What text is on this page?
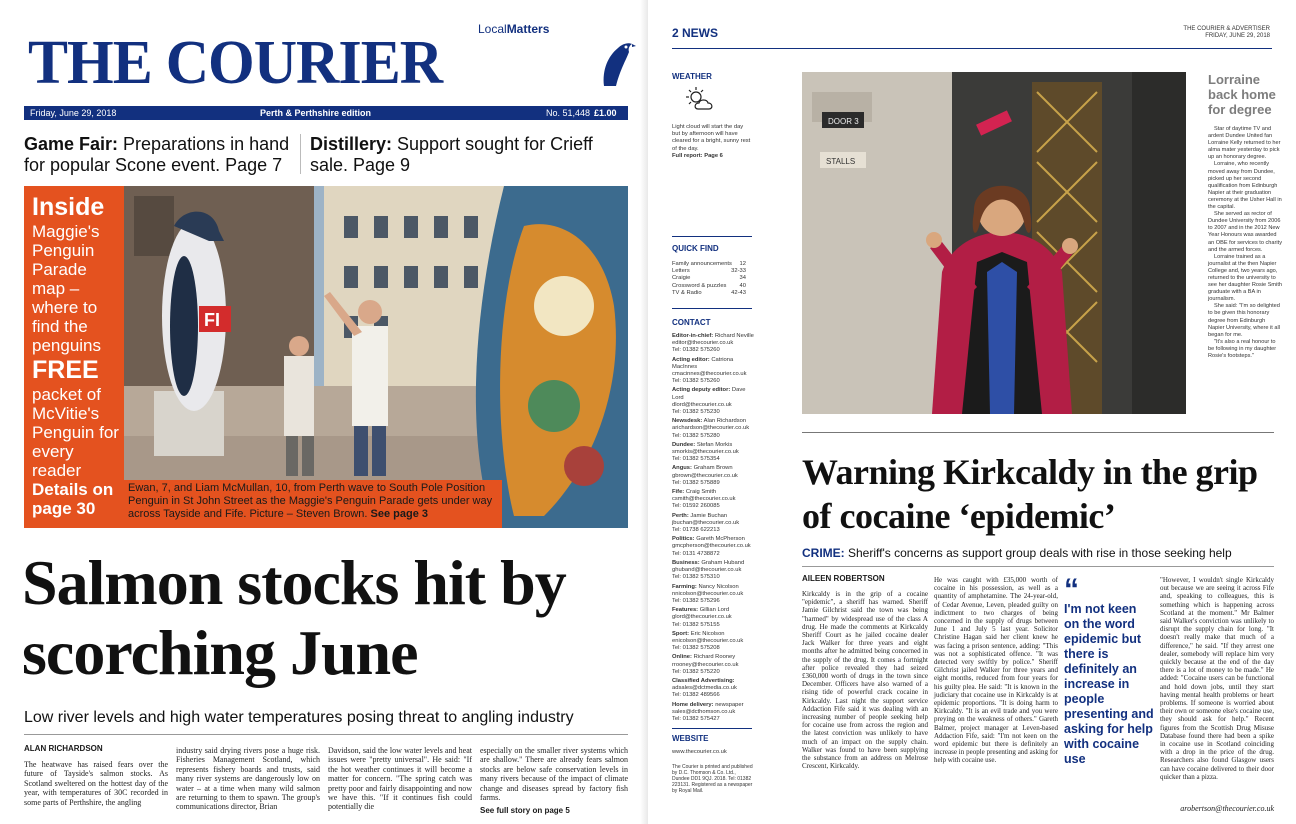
THE COURIER	LocalMatters
Friday, June 29, 2018	Perth & Perthshire edition	No. 51,448 £1.00
Game Fair: Preparations in hand for popular Scone event. Page 7
Distillery: Support sought for Crieff sale. Page 9
FI
Inside
Maggie's Penguin Parade map – where to find the penguins
FREE
packet of McVitie's Penguin for every reader
Details on page 30
Ewan, 7, and Liam McMullan, 10, from Perth wave to South Pole Position Penguin in St John Street as the Maggie's Penguin Parade gets under way across Tayside and Fife. Picture – Steven Brown. See page 3
Salmon stocks hit by scorching June
Low river levels and high water temperatures posing threat to angling industry
ALAN RICHARDSON
The heatwave has raised fears over the future of Tayside's salmon stocks. As Scotland sweltered on the hottest day of the year, with temperatures of 30C recorded in some parts of Perthshire, the angling
industry said drying rivers pose a huge risk. Fisheries Management Scotland, which represents fishery boards and trusts, said many river systems are dangerously low on water – at a time when many wild salmon are returning to them to spawn. The group's communications director, Brian
Davidson, said the low water levels and heat issues were "pretty universal". He said: "If the hot weather continues it will become a matter for concern. "The spring catch was pretty poor and fairly disappointing and now we have this. "If it continues fish could potentially die
especially on the smaller river systems which are shallow." There are already fears salmon stocks are below safe conservation levels in many rivers because of the impact of climate change and diseases spread by factory fish farms.
See full story on page 5
2 NEWS	THE COURIER & ADVERTISER
FRIDAY, JUNE 29, 2018
WEATHER
Light cloud will start the day but by afternoon will have cleared for a bright, sunny rest of the day.
Full report: Page 6
QUICK FIND
Family announcements 12
Letters	32-33
Craigie	34
Crossword & puzzles 40
TV & Radio	42-43
CONTACT
Editor-in-chief: Richard Neville
editor@thecourier.co.uk
Tel: 01382 575260
Acting editor: Catriona MacInnes
cmacinnes@thecourier.co.uk
Tel: 01382 575260
Acting deputy editor: Dave Lord
dlord@thecourier.co.uk
Tel: 01382 575230
Newsdesk: Alan Richardson
arichardson@thecourier.co.uk
Tel: 01382 575280
Dundee: Stefan Morkis
smorkis@thecourier.co.uk
Tel: 01382 575354
Angus: Graham Brown
gbrown@thecourier.co.uk
Tel: 01382 575889
Fife: Craig Smith
csmith@thecourier.co.uk
Tel: 01592 260085
Perth: Jamie Buchan
jbuchan@thecourier.co.uk
Tel: 01738 622213
Politics: Gareth McPherson
gmcpherson@thecourier.co.uk
Tel: 0131 4738872
Business: Graham Huband
ghuband@thecourier.co.uk
Tel: 01382 575310
Farming: Nancy Nicolson
nnicolson@thecourier.co.uk
Tel: 01382 575296
Features: Gillian Lord
glord@thecourier.co.uk
Tel: 01382 575155
Sport: Eric Nicolson
enicolson@thecourier.co.uk
Tel: 01382 575208
Online: Richard Rooney
rrooney@thecourier.co.uk
Tel: 01382 575220
Classified Advertising:
adsales@dctmedia.co.uk
Tel: 01382 489566
Home delivery: newspaper
sales@dcthomson.co.uk
Tel: 01382 575427
WEBSITE
www.thecourier.co.uk
The Courier is printed and published by D.C. Thomson & Co. Ltd., Dundee DD1 9QJ. 2018. Tel: 01382 223131. Registered as a newspaper by Royal Mail.
DOOR 3
STALLS
Lorraine back home for degree

Star of daytime TV and ardent Dundee United fan Lorraine Kelly returned to her alma mater yesterday to pick up an honorary degree.

Lorraine, who recently moved away from Dundee, picked up her second qualification from Edinburgh Napier at their graduation ceremony at the Usher Hall in the capital.

She served as rector of Dundee University from 2006 to 2007 and in the 2012 New Year Honours was awarded an OBE for services to charity and the armed forces.

Lorraine trained as a journalist at the then Napier College and, two years ago, returned to the university to see her daughter Rosie Smith graduate with a BA in journalism.

She said: "I'm so delighted to be given this honorary degree from Edinburgh Napier University, where it all began for me.

"It's also a real honour to be following in my daughter Rosie's footsteps."

Warning Kirkcaldy in the grip of cocaine ‘epidemic’
CRIME: Sheriff's concerns as support group deals with rise in those seeking help
AILEEN ROBERTSON
Kirkcaldy is in the grip of a cocaine "epidemic", a sheriff has warned. Sheriff Jamie Gilchrist said the town was being "harmed" by widespread use of the class A drug. He made the comments at Kirkcaldy Sheriff Court as he jailed cocaine dealer Jack Walker for three years and eight months after he admitted being concerned in the supply of the drug. It comes a fortnight after police revealed they had seized £360,000 worth of drugs in the town since December. Officers have also warned of a rising tide of powerful crack cocaine in Kirkcaldy. Last night the support service Addaction Fife said it was dealing with an increasing number of people seeking help for cocaine use from across the region and the latest conviction was unlikely to have much of an impact on the supply chain. Walker was found to have been supplying the substance from an address on Melrose Crescent, Kirkcaldy.
He was caught with £35,000 worth of cocaine in his possession, as well as a quantity of amphetamine. The 24-year-old, of Cedar Avenue, Leven, pleaded guilty on indictment to two charges of being concerned in the supply of drugs between June 1 and July 5 last year. Solicitor Christine Hagan said her client knew he was facing a prison sentence, adding: "This was not a sophisticated offence. "It was detected very swiftly by police." Sheriff Gilchrist jailed Walker for three years and eight months, reduced from four years for his guilty plea. He said: "It is known in the judiciary that cocaine use in Kirkcaldy is at epidemic proportions. "It is doing harm to Kirkcaldy. "It is an evil trade and you were preying on the weakness of others." Gareth Balmer, project manager at Leven-based Addaction Fife, said: "I'm not keen on the word epidemic but there is definitely an increase in people presenting and asking for help with cocaine use.
“
I'm not keen on the word epidemic but there is definitely an increase in people presenting and asking for help with cocaine use
"However, I wouldn't single Kirkcaldy out because we are seeing it across Fife and, speaking to colleagues, this is something which is happening across Scotland at the moment." Mr Balmer said Walker's conviction was unlikely to disrupt the supply chain for long. "It doesn't really make that much of a difference," he said. "If they arrest one dealer, somebody will replace him very quickly because at the end of the day there is a lot of money to be made." He added: "Cocaine users can be functional and hold down jobs, until they start having mental health problems or heart problems. If someone is worried about their own or someone else's cocaine use, they should ask for help." Recent figures from the Scottish Drug Misuse Database found there had been a spike in cocaine use in Scotland coinciding with a drop in the price of the drug. Researchers also found Glasgow users can have cocaine delivered to their door quicker than a pizza.
arobertson@thecourier.co.uk
